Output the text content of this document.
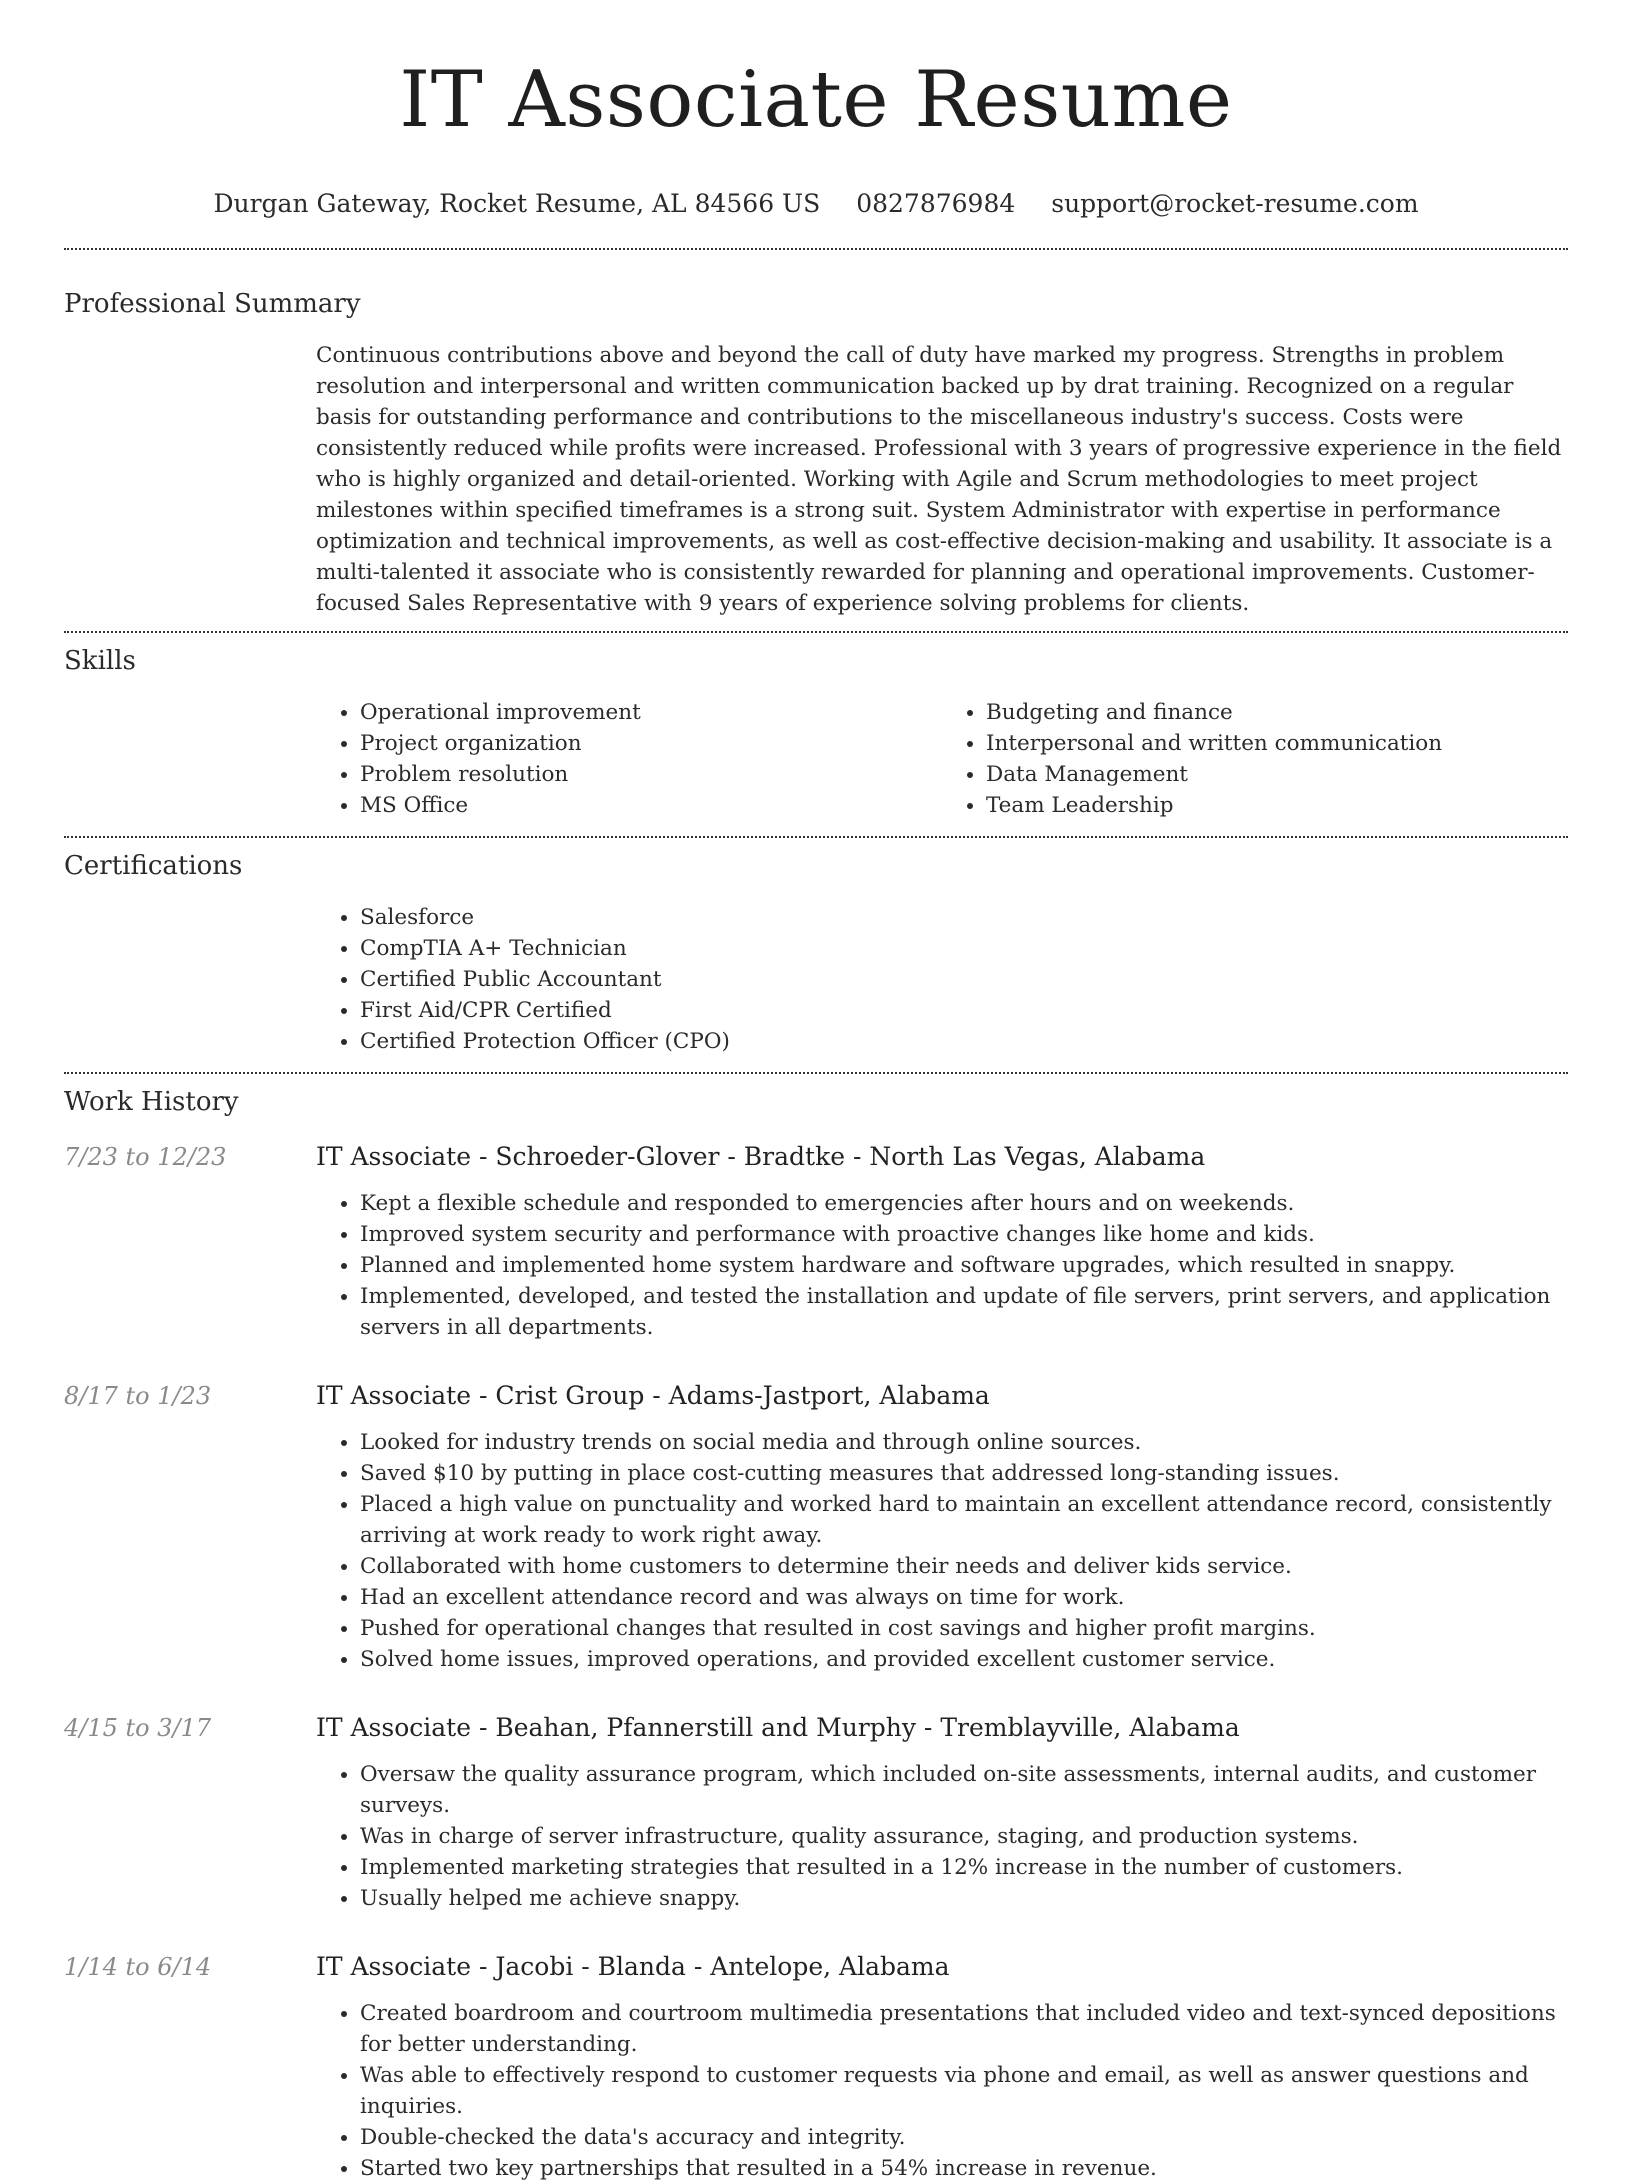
IT Associate Resume
Durgan Gateway, Rocket Resume, AL 84566 US 0827876984 support@rocket-resume.com
Professional Summary

Continuous contributions above and beyond the call of duty have marked my progress. Strengths in problem resolution and interpersonal and written communication backed up by drat training. Recognized on a regular basis for outstanding performance and contributions to the miscellaneous industry's success. Costs were consistently reduced while profits were increased. Professional with 3 years of progressive experience in the field who is highly organized and detail-oriented. Working with Agile and Scrum methodologies to meet project milestones within specified timeframes is a strong suit. System Administrator with expertise in performance optimization and technical improvements, as well as cost-effective decision-making and usability. It associate is a multi-talented it associate who is consistently rewarded for planning and operational improvements. Customer-focused Sales Representative with 9 years of experience solving problems for clients.

Skills
• Operational improvement
• Project organization
• Problem resolution
• MS Office
• Budgeting and finance
• Interpersonal and written communication
• Data Management
• Team Leadership
Certifications
• Salesforce
• CompTIA A+ Technician
• Certified Public Accountant
• First Aid/CPR Certified
• Certified Protection Officer (CPO)
Work History
7/23 to 12/23	IT Associate - Schroeder-Glover - Bradtke - North Las Vegas, Alabama
• Kept a flexible schedule and responded to emergencies after hours and on weekends.
• Improved system security and performance with proactive changes like home and kids.
• Planned and implemented home system hardware and software upgrades, which resulted in snappy.
• Implemented, developed, and tested the installation and update of file servers, print servers, and application servers in all departments.
8/17 to 1/23	IT Associate - Crist Group - Adams-Jastport, Alabama
• Looked for industry trends on social media and through online sources.
• Saved $10 by putting in place cost-cutting measures that addressed long-standing issues.
• Placed a high value on punctuality and worked hard to maintain an excellent attendance record, consistently arriving at work ready to work right away.
• Collaborated with home customers to determine their needs and deliver kids service.
• Had an excellent attendance record and was always on time for work.
• Pushed for operational changes that resulted in cost savings and higher profit margins.
• Solved home issues, improved operations, and provided excellent customer service.
4/15 to 3/17	IT Associate - Beahan, Pfannerstill and Murphy - Tremblayville, Alabama
• Oversaw the quality assurance program, which included on-site assessments, internal audits, and customer surveys.
• Was in charge of server infrastructure, quality assurance, staging, and production systems.
• Implemented marketing strategies that resulted in a 12% increase in the number of customers.
• Usually helped me achieve snappy.
1/14 to 6/14	IT Associate - Jacobi - Blanda - Antelope, Alabama
• Created boardroom and courtroom multimedia presentations that included video and text-synced depositions for better understanding.
• Was able to effectively respond to customer requests via phone and email, as well as answer questions and inquiries.
• Double-checked the data's accuracy and integrity.
• Started two key partnerships that resulted in a 54% increase in revenue.
